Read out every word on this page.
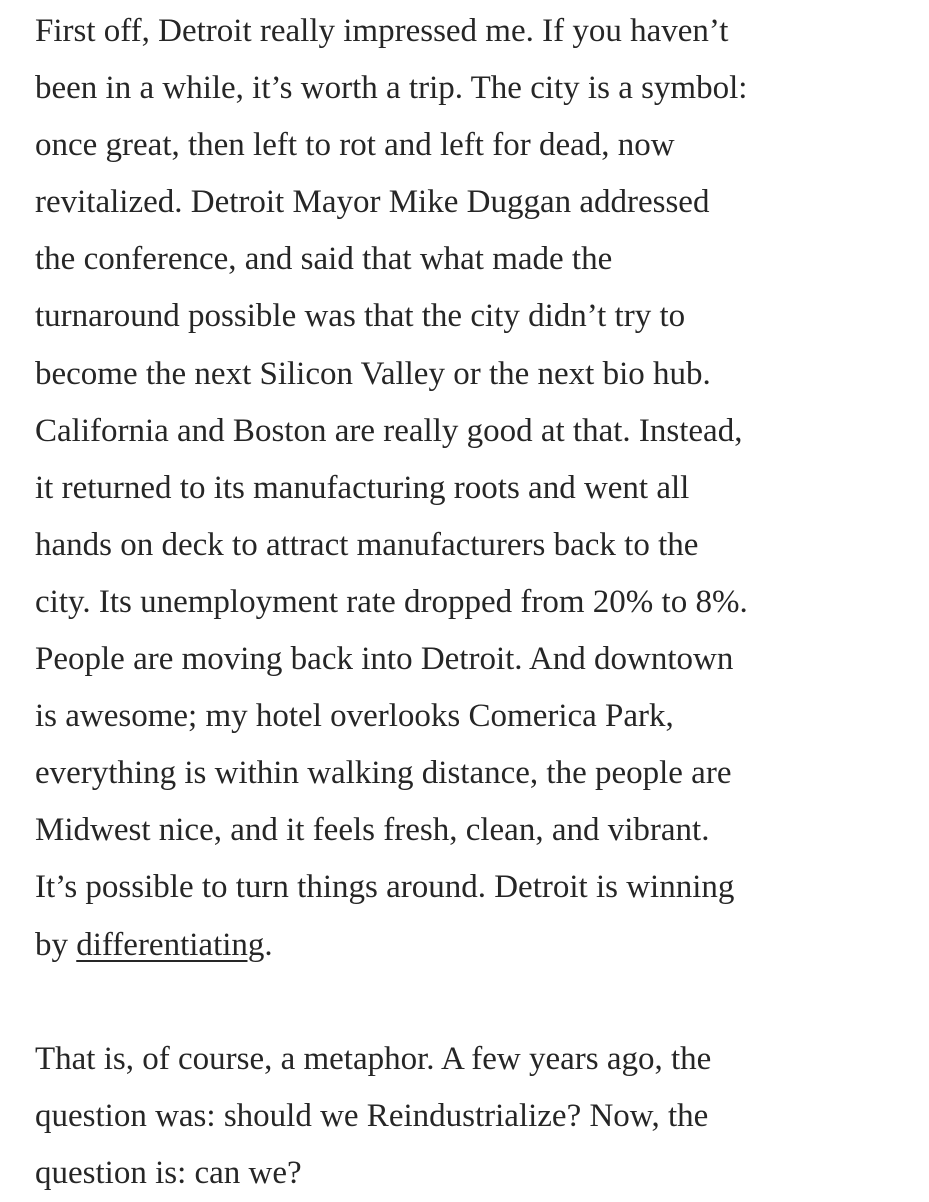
First off, Detroit really impressed me. If you haven’t
been in a while, it’s worth a trip. The city is a symbol:
once great, then left to rot and left for dead, now
revitalized. Detroit Mayor Mike Duggan addressed
the conference, and said that what made the
turnaround possible was that the city didn’t try to
become the next Silicon Valley or the next bio hub.
California and Boston are really good at that. Instead,
it returned to its manufacturing roots and went all
hands on deck to attract manufacturers back to the
city. Its unemployment rate dropped from 20% to 8%.
People are moving back into Detroit. And downtown
is awesome; my hotel overlooks Comerica Park,
everything is within walking distance, the people are
Midwest nice, and it feels fresh, clean, and vibrant.
It’s possible to turn things around. Detroit is winning
by differentiating.
That is, of course, a metaphor. A few years ago, the
question was: should we Reindustrialize? Now, the
question is: can we?
